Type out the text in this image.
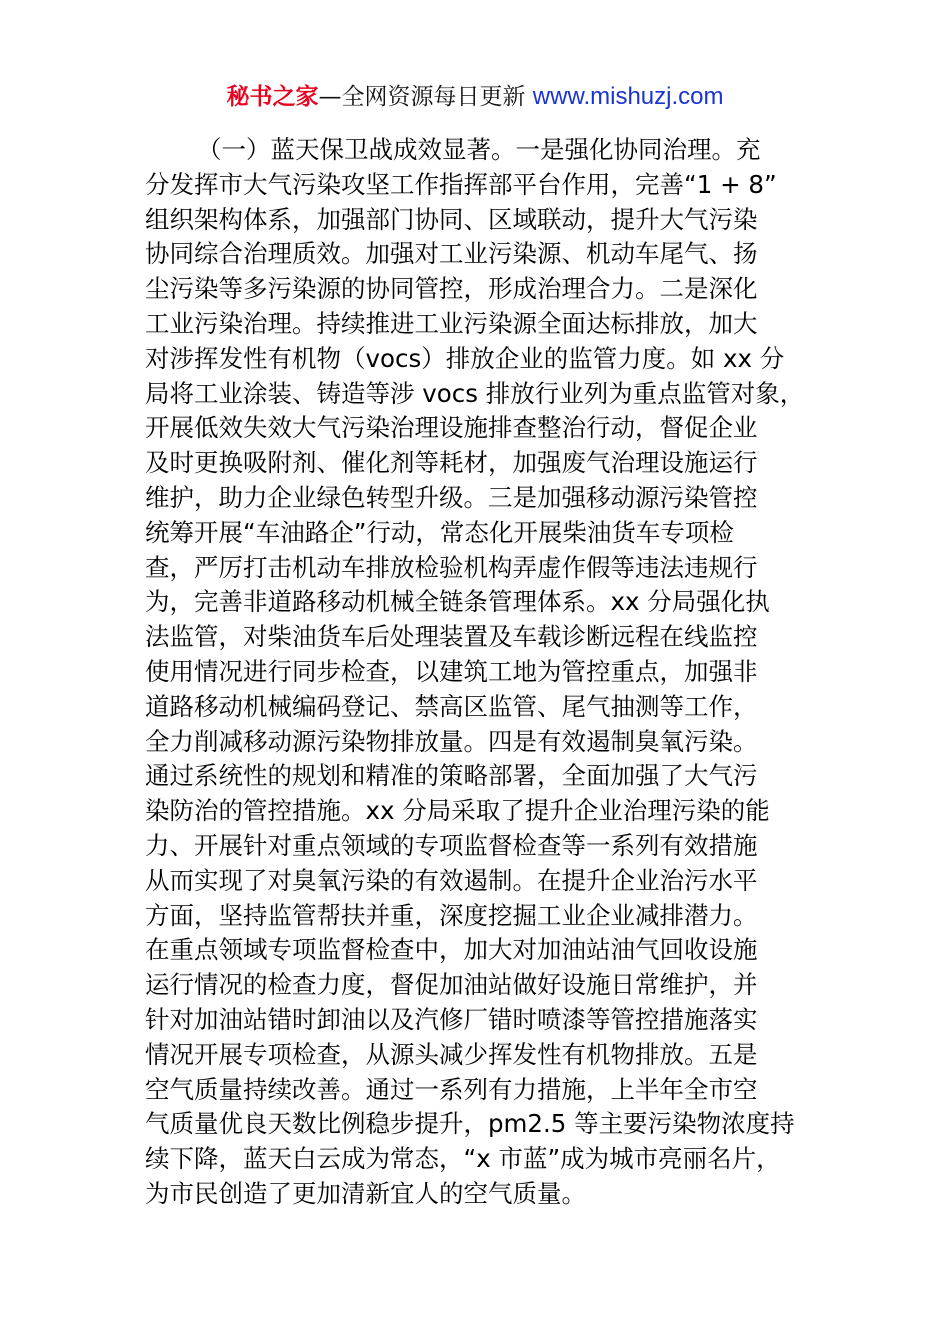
秘书之家—全网资源每日更新 www.mishuzj.com
（一）蓝天保卫战成效显著。一是强化协同治理。充
分发挥市大气污染攻坚工作指挥部平台作用，完善“1 + 8”
组织架构体系，加强部门协同、区域联动，提升大气污染
协同综合治理质效。加强对工业污染源、机动车尾气、扬
尘污染等多污染源的协同管控，形成治理合力。二是深化
工业污染治理。持续推进工业污染源全面达标排放，加大
对涉挥发性有机物（vocs）排放企业的监管力度。如 xx 分
局将工业涂装、铸造等涉 vocs 排放行业列为重点监管对象，
开展低效失效大气污染治理设施排查整治行动，督促企业
及时更换吸附剂、催化剂等耗材，加强废气治理设施运行
维护，助力企业绿色转型升级。三是加强移动源污染管控
统筹开展“车油路企”行动，常态化开展柴油货车专项检
查，严厉打击机动车排放检验机构弄虚作假等违法违规行
为，完善非道路移动机械全链条管理体系。xx 分局强化执
法监管，对柴油货车后处理装置及车载诊断远程在线监控
使用情况进行同步检查，以建筑工地为管控重点，加强非
道路移动机械编码登记、禁高区监管、尾气抽测等工作，
全力削减移动源污染物排放量。四是有效遏制臭氧污染。
通过系统性的规划和精准的策略部署，全面加强了大气污
染防治的管控措施。xx 分局采取了提升企业治理污染的能
力、开展针对重点领域的专项监督检查等一系列有效措施
从而实现了对臭氧污染的有效遏制。在提升企业治污水平
方面，坚持监管帮扶并重，深度挖掘工业企业减排潜力。
在重点领域专项监督检查中，加大对加油站油气回收设施
运行情况的检查力度，督促加油站做好设施日常维护，并
针对加油站错时卸油以及汽修厂错时喷漆等管控措施落实
情况开展专项检查，从源头减少挥发性有机物排放。五是
空气质量持续改善。通过一系列有力措施，上半年全市空
气质量优良天数比例稳步提升，pm2.5 等主要污染物浓度持
续下降，蓝天白云成为常态，“x 市蓝”成为城市亮丽名片，
为市民创造了更加清新宜人的空气质量。
